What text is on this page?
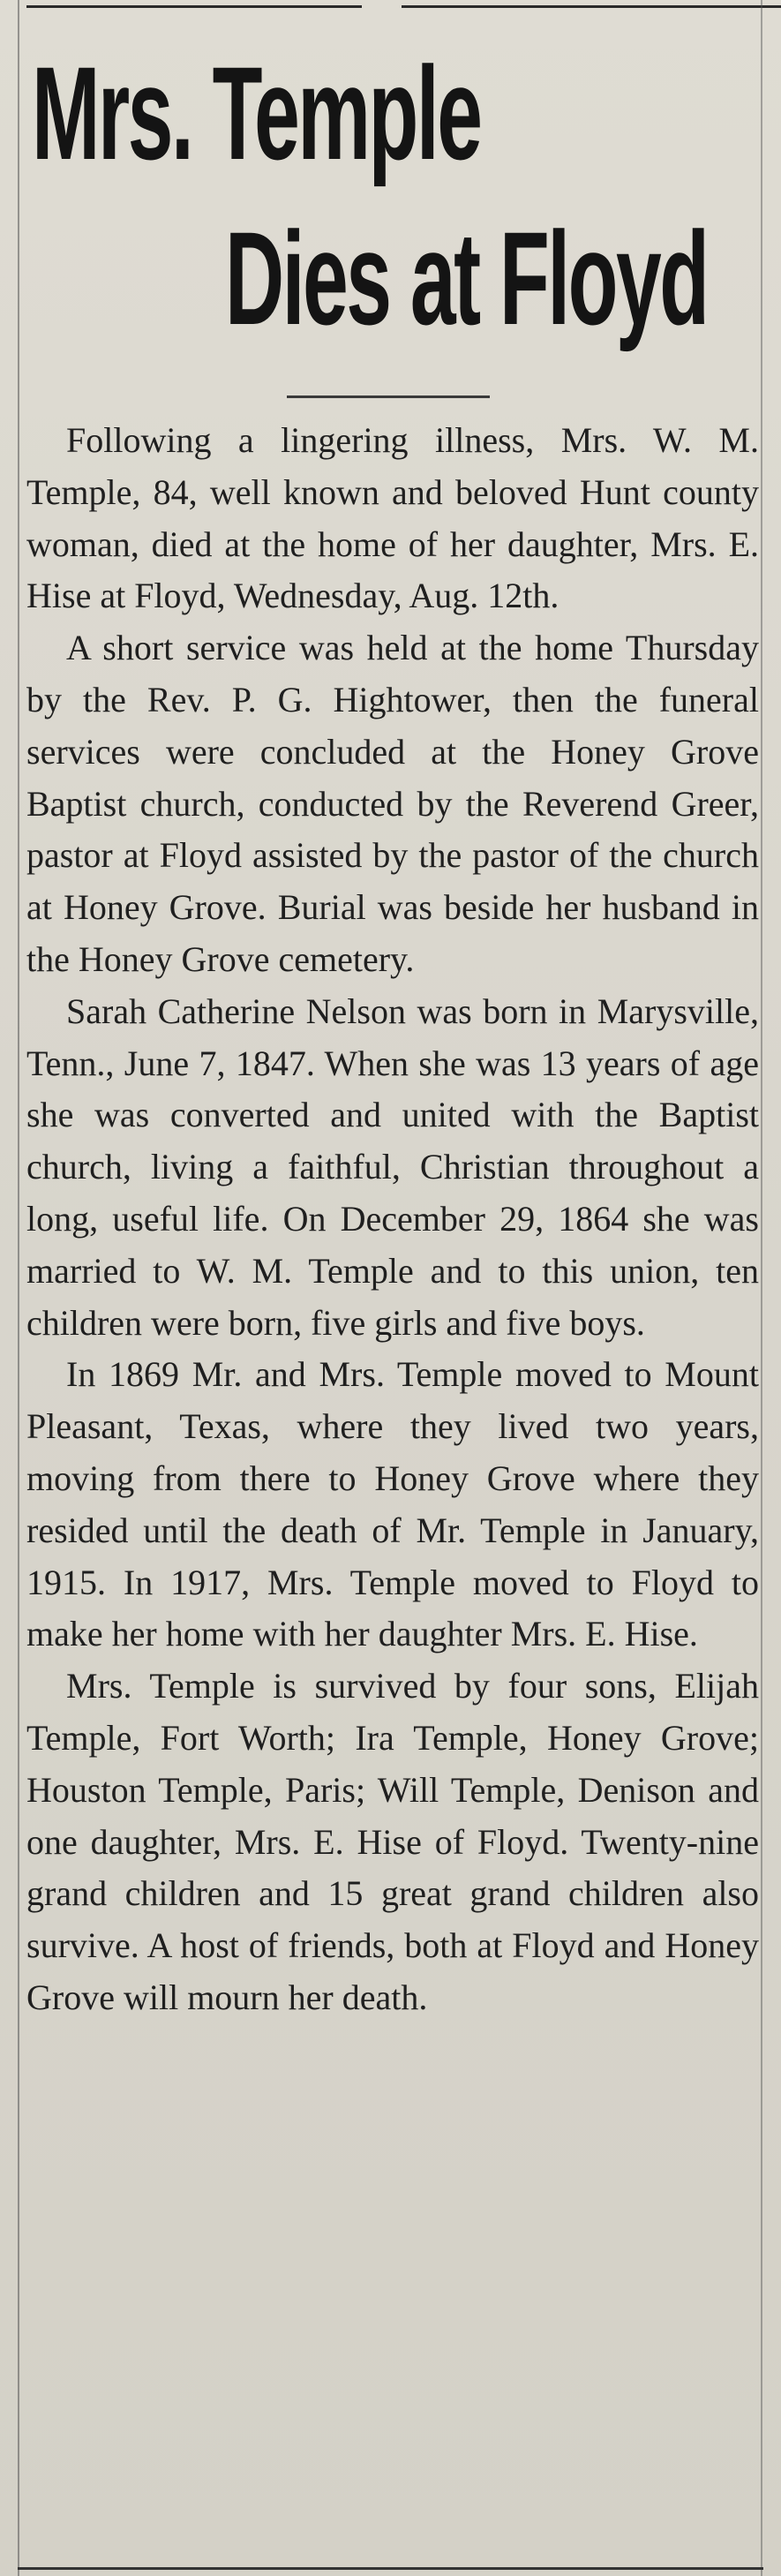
Mrs. Temple
Dies at Floyd

Following a lingering illness, Mrs. W. M. Temple, 84, well known and beloved Hunt county woman, died at the home of her daughter, Mrs. E. Hise at Floyd, Wednesday, Aug. 12th.

A short service was held at the home Thursday by the Rev. P. G. Hightower, then the funeral services were concluded at the Honey Grove Baptist church, conducted by the Reverend Greer, pastor at Floyd assisted by the pastor of the church at Honey Grove. Burial was beside her husband in the Honey Grove cemetery.

Sarah Catherine Nelson was born in Marysville, Tenn., June 7, 1847. When she was 13 years of age she was converted and united with the Baptist church, living a faithful, Christian throughout a long, useful life. On December 29, 1864 she was married to W. M. Temple and to this union, ten children were born, five girls and five boys.

In 1869 Mr. and Mrs. Temple moved to Mount Pleasant, Texas, where they lived two years, moving from there to Honey Grove where they resided until the death of Mr. Temple in January, 1915. In 1917, Mrs. Temple moved to Floyd to make her home with her daughter Mrs. E. Hise.

Mrs. Temple is survived by four sons, Elijah Temple, Fort Worth; Ira Temple, Honey Grove; Houston Temple, Paris; Will Temple, Denison and one daughter, Mrs. E. Hise of Floyd. Twenty-nine grand children and 15 great grand children also survive. A host of friends, both at Floyd and Honey Grove will mourn her death.
